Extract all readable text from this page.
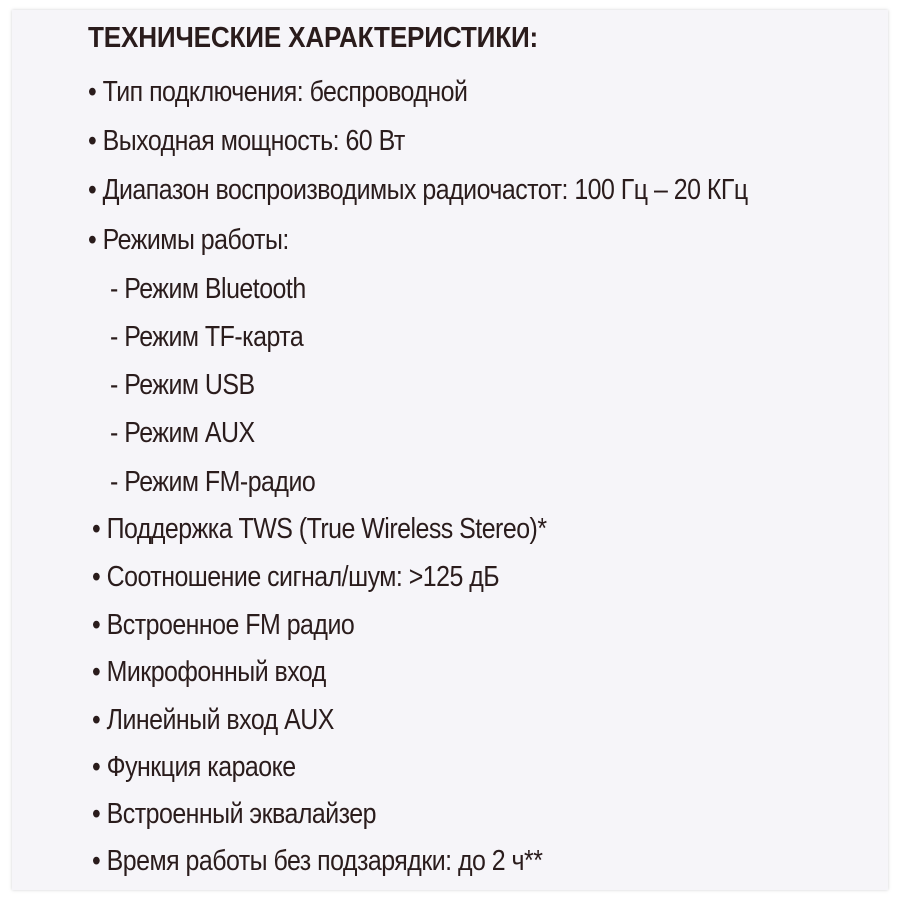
ТЕХНИЧЕСКИЕ ХАРАКТЕРИСТИКИ:
• Тип подключения: беспроводной
• Выходная мощность: 60 Вт
• Диапазон воспроизводимых радиочастот: 100 Гц – 20 КГц
• Режимы работы:
- Режим Bluetooth
- Режим TF-карта
- Режим USB
- Режим AUX
- Режим FM-радио
• Поддержка TWS (True Wireless Stereo)*
• Соотношение сигнал/шум: >125 дБ
• Встроенное FM радио
• Микрофонный вход
• Линейный вход AUX
• Функция караоке
• Встроенный эквалайзер
• Время работы без подзарядки: до 2 ч**
